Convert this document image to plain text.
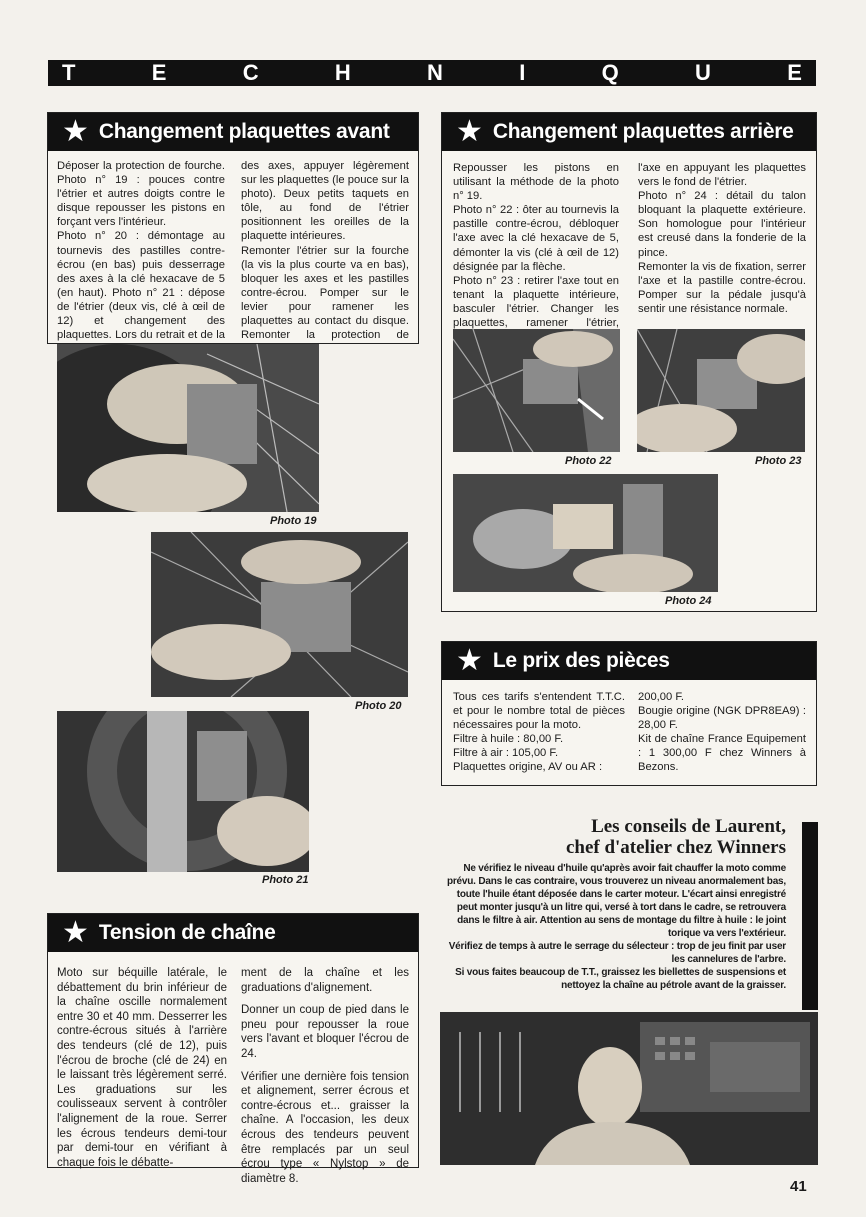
T	E	C	H	N	I	Q	U	E
★ Changement plaquettes avant

Déposer la protection de fourche. Photo n° 19 : pouces contre l'étrier et autres doigts contre le disque repousser les pistons en forçant vers l'intérieur.

Photo n° 20 : démontage au tournevis des pastilles contre-écrou (en bas) puis desserrage des axes à la clé hexacave de 5 (en haut). Photo n° 21 : dépose de l'étrier (deux vis, clé à œil de 12) et changement des plaquettes. Lors du retrait et de la

des axes, appuyer légèrement sur les plaquettes (le pouce sur la photo). Deux petits taquets en tôle, au fond de l'étrier positionnent les oreilles de la plaquette intérieures.

Remonter l'étrier sur la fourche (la vis la plus courte va en bas), bloquer les axes et les pastilles contre-écrou. Pomper sur le levier pour ramener les plaquettes au contact du disque. Remonter la protection de

Photo 19
Photo 20
Photo 21
★ Changement plaquettes arrière

Repousser les pistons en utilisant la méthode de la photo n° 19.

Photo n° 22 : ôter au tournevis la pastille contre-écrou, débloquer l'axe avec la clé hexacave de 5, démonter la vis (clé à œil de 12) désignée par la flèche.

Photo n° 23 : retirer l'axe tout en tenant la plaquette intérieure, basculer l'étrier. Changer les plaquettes, ramener l'étrier,

l'axe en appuyant les plaquettes vers le fond de l'étrier.

Photo n° 24 : détail du talon bloquant la plaquette extérieure. Son homologue pour l'intérieur est creusé dans la fonderie de la pince.

Remonter la vis de fixation, serrer l'axe et la pastille contre-écrou. Pomper sur la pédale jusqu'à sentir une résistance normale.

Photo 22	Photo 23
Photo 24
★ Le prix des pièces

Tous ces tarifs s'entendent T.T.C. et pour le nombre total de pièces nécessaires pour la moto.

Filtre à huile : 80,00 F.

Filtre à air : 105,00 F.

Plaquettes origine, AV ou AR :

200,00 F.

Bougie origine (NGK DPR8EA9) : 28,00 F.

Kit de chaîne France Equipement : 1 300,00 F chez Winners à Bezons.

Les conseils de Laurent,
chef d'atelier chez Winners

Ne vérifiez le niveau d'huile qu'après avoir fait chauffer la moto comme prévu. Dans le cas contraire, vous trouverez un niveau anormalement bas, toute l'huile étant déposée dans le carter moteur. L'écart ainsi enregistré peut monter jusqu'à un litre qui, versé à tort dans le cadre, se retrouvera dans le filtre à air. Attention au sens de montage du filtre à huile : le joint torique va vers l'extérieur.

Vérifiez de temps à autre le serrage du sélecteur : trop de jeu finit par user les cannelures de l'arbre.

Si vous faites beaucoup de T.T., graissez les biellettes de suspensions et nettoyez la chaîne au pétrole avant de la graisser.

★ Tension de chaîne

Moto sur béquille latérale, le débattement du brin inférieur de la chaîne oscille normalement entre 30 et 40 mm. Desserrer les contre-écrous situés à l'arrière des tendeurs (clé de 12), puis l'écrou de broche (clé de 24) en le laissant très légèrement serré. Les graduations sur les coulisseaux servent à contrôler l'alignement de la roue. Serrer les écrous tendeurs demi-tour par demi-tour en vérifiant à chaque fois le débatte-

ment de la chaîne et les graduations d'alignement.

Donner un coup de pied dans le pneu pour repousser la roue vers l'avant et bloquer l'écrou de 24.

Vérifier une dernière fois tension et alignement, serrer écrous et contre-écrous et... graisser la chaîne. A l'occasion, les deux écrous des tendeurs peuvent être remplacés par un seul écrou type « Nylstop » de diamètre 8.	41
